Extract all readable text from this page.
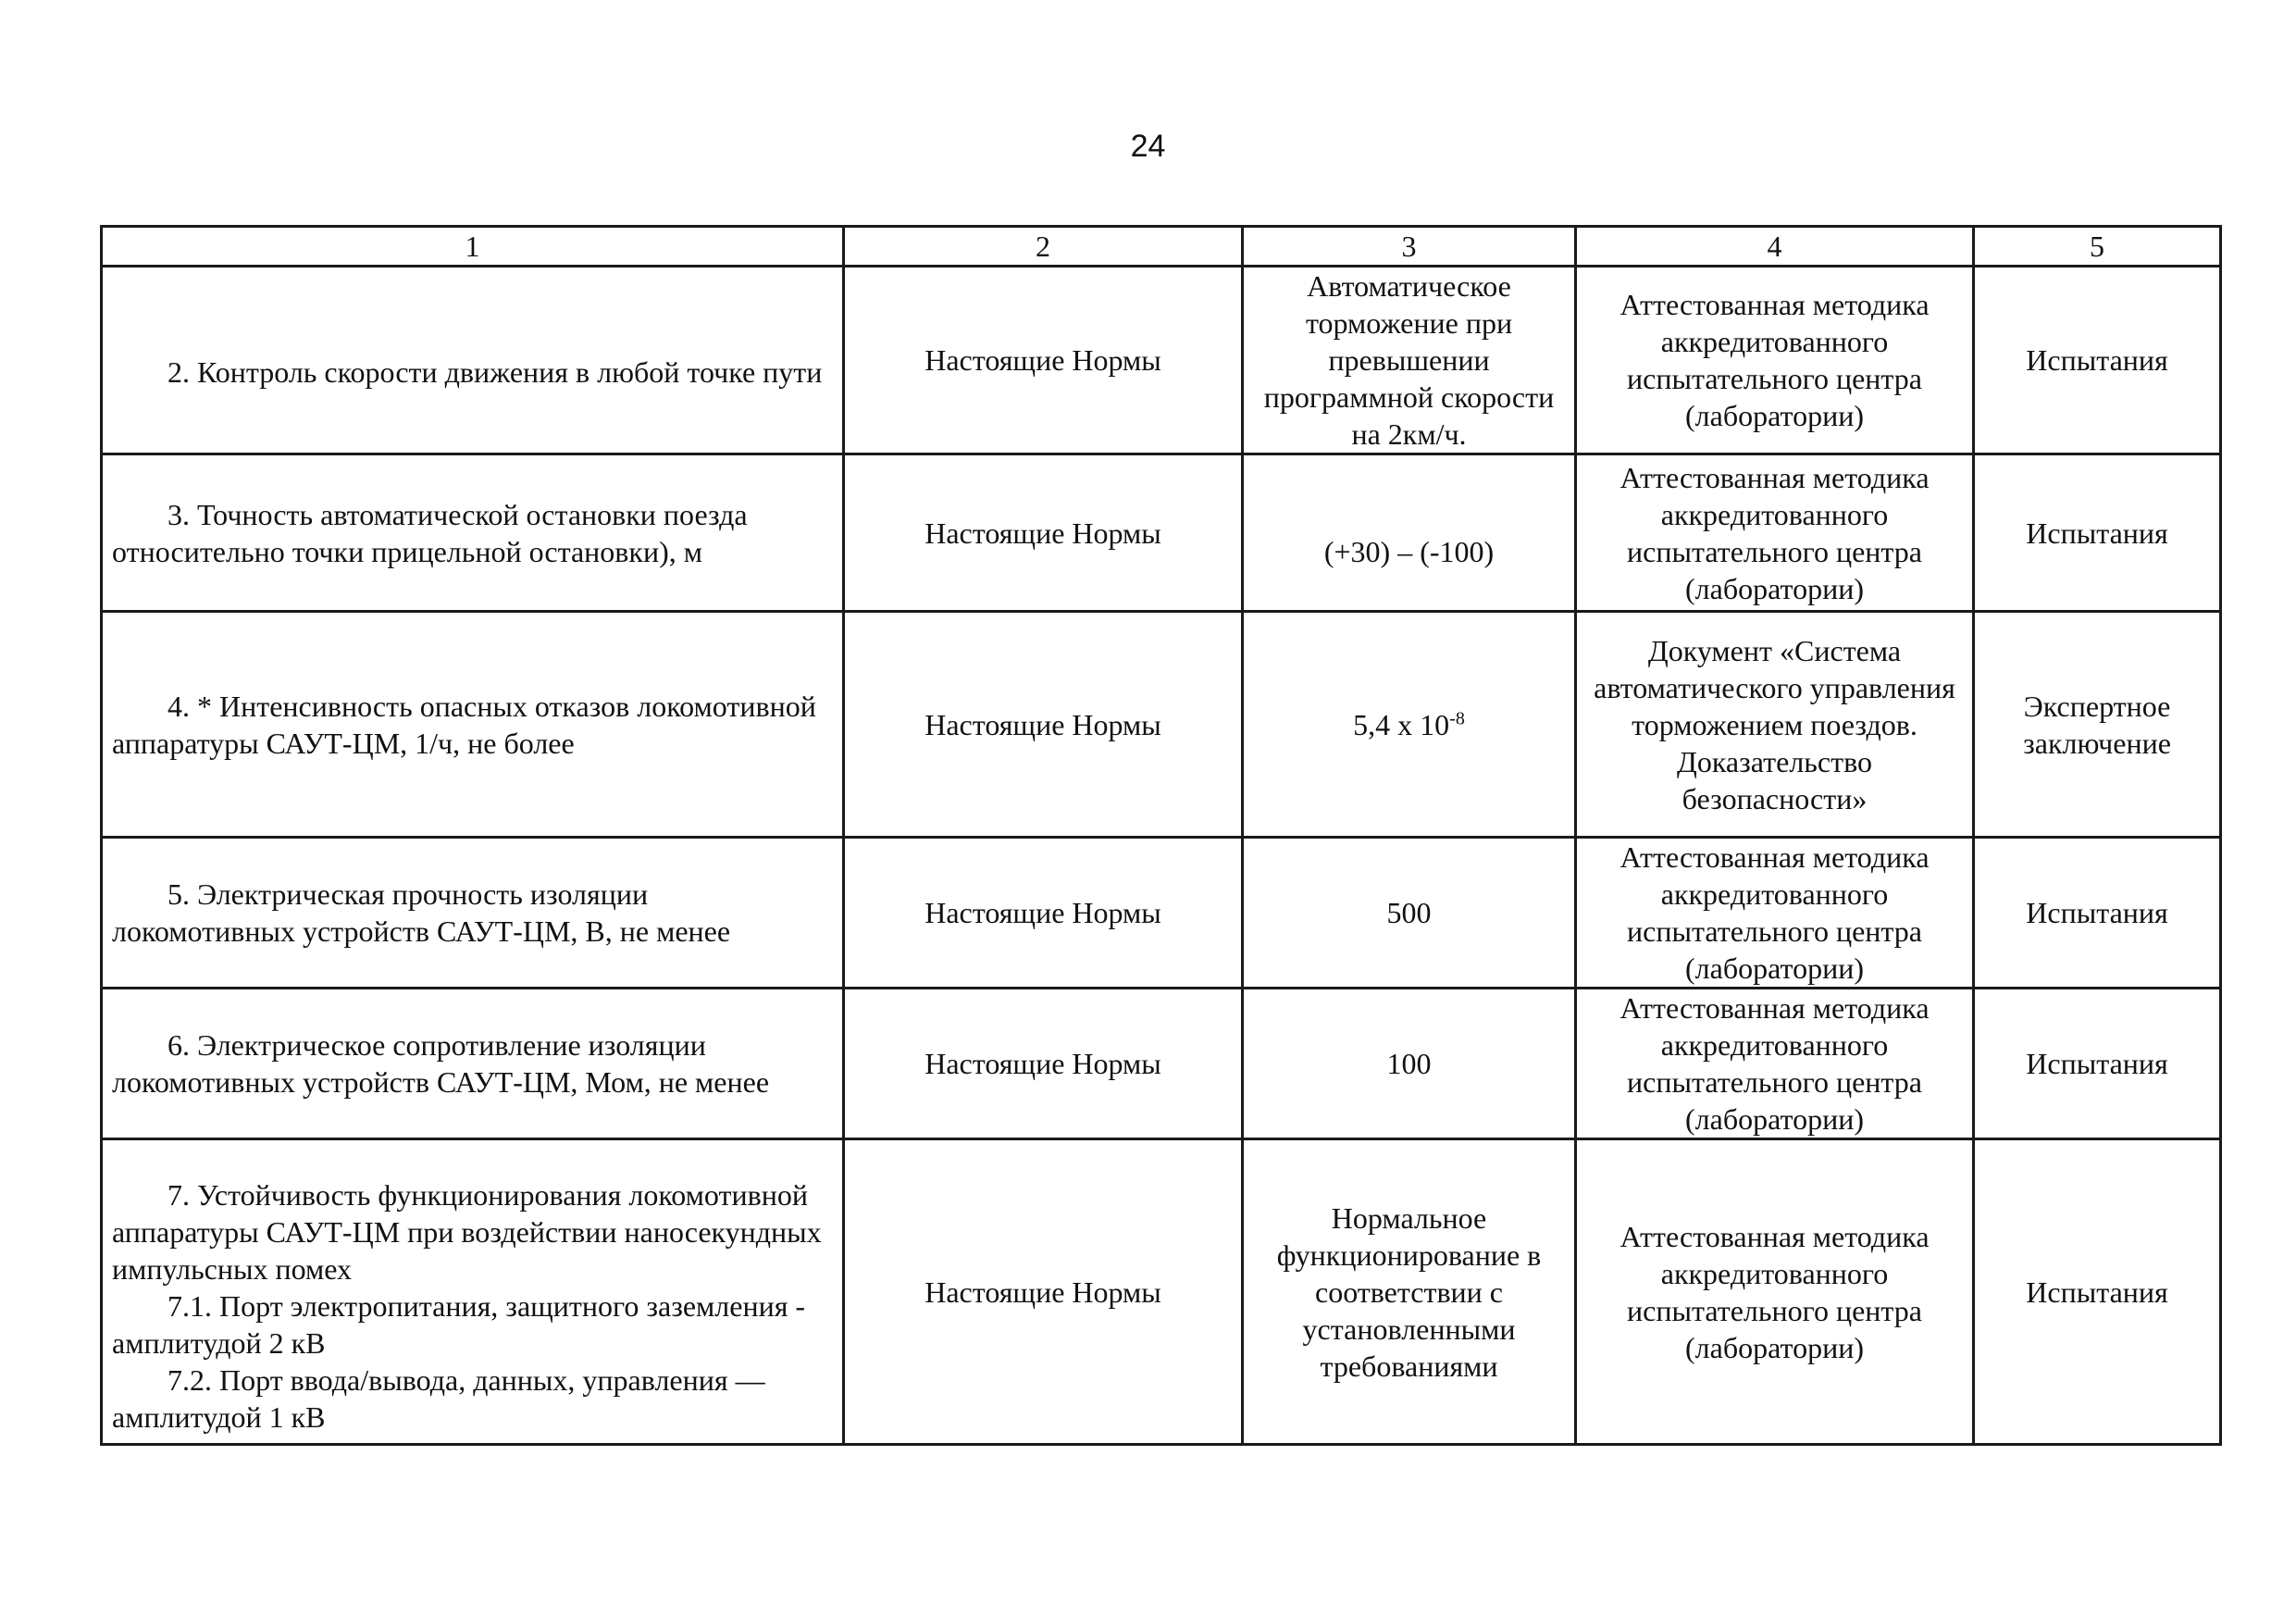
24
1	2	3	4	5

2. Контроль скорости движения в любой точке пути	Настоящие Нормы	Автоматическое торможение при превышении программной скорости на 2км/ч.	Аттестованная методика аккредитованного испытательного центра (лаборатории)	Испытания

3. Точность автоматической остановки поезда относительно точки прицельной остановки), м	Настоящие Нормы	(+30) – (-100)	Аттестованная методика аккредитованного испытательного центра (лаборатории)	Испытания

4. * Интенсивность опасных отказов локомотивной аппаратуры САУТ-ЦМ, 1/ч, не более	Настоящие Нормы	5,4 х $10^{-8}$	Документ «Система автоматического управления торможением поездов. Доказательство безопасности»	Экспертное заключение

5. Электрическая прочность изоляции локомотивных устройств САУТ-ЦМ, В, не менее	Настоящие Нормы	500	Аттестованная методика аккредитованного испытательного центра (лаборатории)	Испытания

6. Электрическое сопротивление изоляции локомотивных устройств САУТ-ЦМ, Мом, не менее	Настоящие Нормы	100	Аттестованная методика аккредитованного испытательного центра (лаборатории)	Испытания

7. Устойчивость функционирования локомотивной аппаратуры САУТ-ЦМ при воздействии наносекундных импульсных помех

7.1. Порт электропитания, защитного заземления - амплитудой 2 кВ

7.2. Порт ввода/вывода, данных, управления — амплитудой 1 кВ	Настоящие Нормы	Нормальное функционирование в соответствии с установленными требованиями	Аттестованная методика аккредитованного испытательного центра (лаборатории)	Испытания
